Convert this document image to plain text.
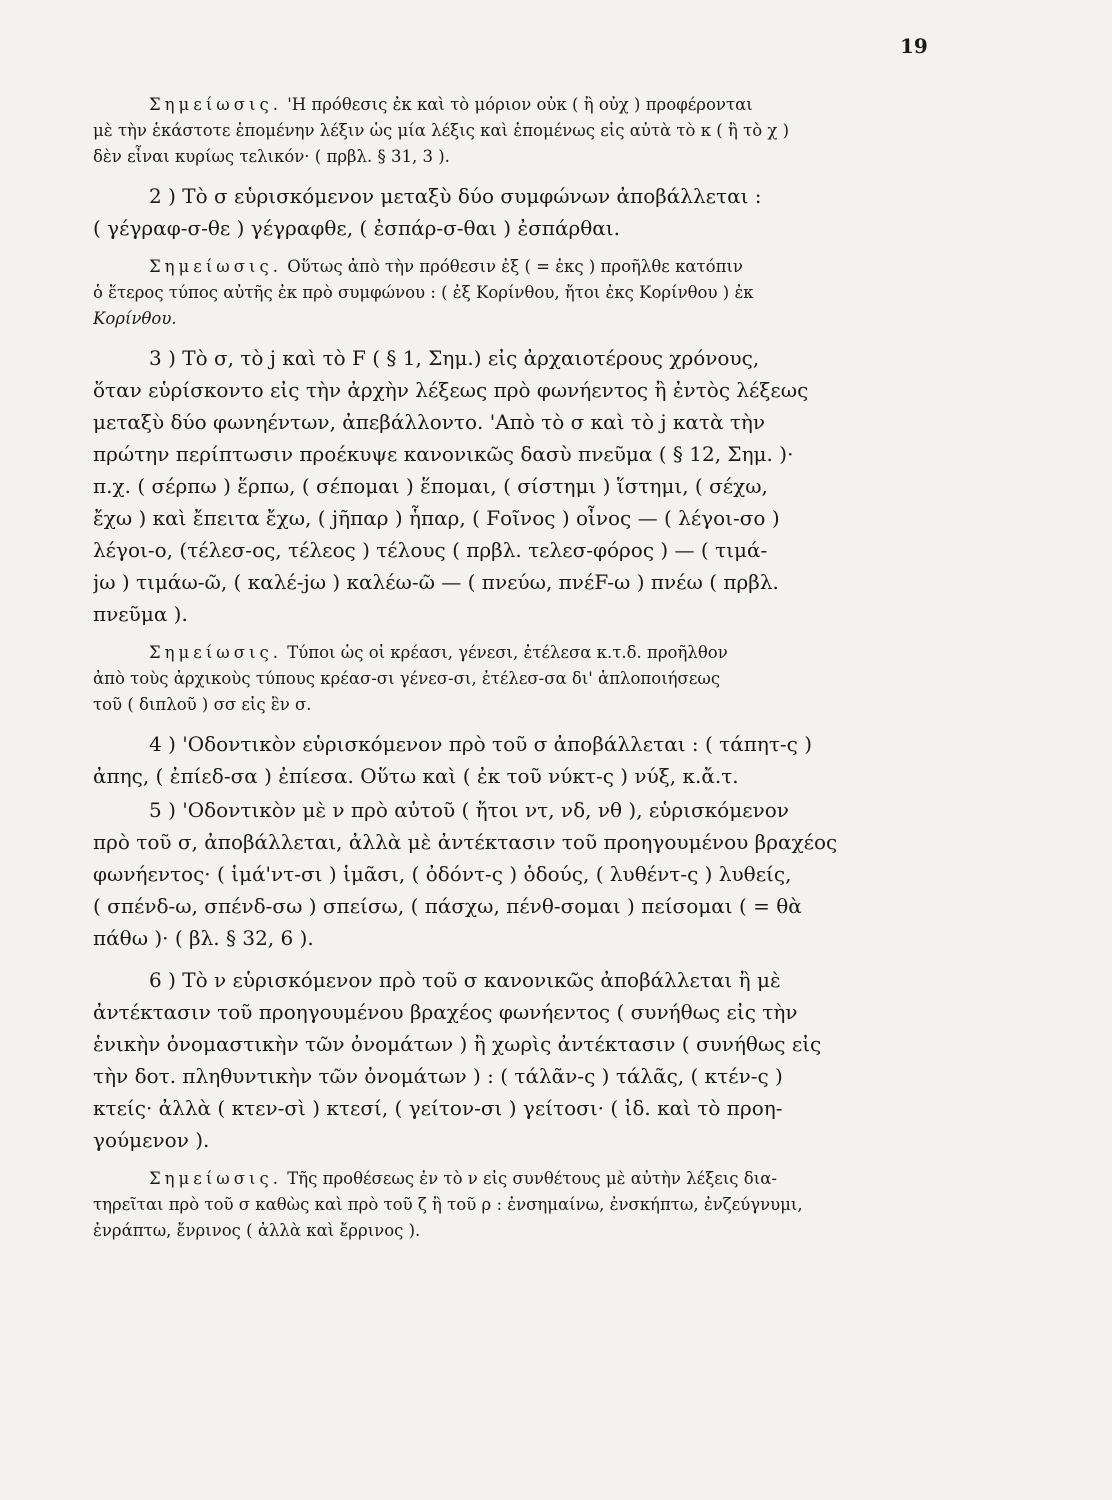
19
Σημείωσις. 'Η πρόθεσις ἐκ καὶ τὸ μόριον οὐκ ( ἢ οὐχ ) προφέρονται
μὲ τὴν ἑκάστοτε ἑπομένην λέξιν ὡς μία λέξις καὶ ἑπομένως εἰς αὐτὰ τὸ κ ( ἢ τὸ χ )
δὲν εἶναι κυρίως τελικόν· ( πρβλ. § 31, 3 ).
2 ) Τὸ σ εὑρισκόμενον μεταξὺ δύο συμφώνων ἀποβάλλεται :
( γέγραφ-σ-θε ) γέγραφθε, ( ἐσπάρ-σ-θαι ) ἐσπάρθαι.
Σημείωσις. Οὕτως ἀπὸ τὴν πρόθεσιν ἐξ ( = ἐκς ) προῆλθε κατόπιν
ὁ ἕτερος τύπος αὐτῆς ἐκ πρὸ συμφώνου : ( ἐξ Κορίνθου, ἤτοι ἐκς Κορίνθου ) ἐκ
Κορίνθου.
3 ) Τὸ σ, τὸ j καὶ τὸ F ( § 1, Σημ.) εἰς ἀρχαιοτέρους χρόνους,
ὅταν εὑρίσκοντο εἰς τὴν ἀρχὴν λέξεως πρὸ φωνήεντος ἢ ἐντὸς λέξεως
μεταξὺ δύο φωνηέντων, ἀπεβάλλοντο. 'Απὸ τὸ σ καὶ τὸ j κατὰ τὴν
πρώτην περίπτωσιν προέκυψε κανονικῶς δασὺ πνεῦμα ( § 12, Σημ. )·
π.χ. ( σέρπω ) ἕρπω, ( σέπομαι ) ἕπομαι, ( σίστημι ) ἵστημι, ( σέχω,
ἔχω ) καὶ ἔπειτα ἔχω, ( jῆπαρ ) ἧπαρ, ( Fοῖνος ) οἶνος — ( λέγοι-σο )
λέγοι-ο, (τέλεσ-ος, τέλεος ) τέλους ( πρβλ. τελεσ-φόρος ) — ( τιμά-
jω ) τιμάω-ῶ, ( καλέ-jω ) καλέω-ῶ — ( πνεύω, πνέF-ω ) πνέω ( πρβλ.
πνεῦμα ).
Σημείωσις. Τύποι ὡς οἱ κρέασι, γένεσι, ἐτέλεσα κ.τ.δ. προῆλθον
ἀπὸ τοὺς ἀρχικοὺς τύπους κρέασ-σι γένεσ-σι, ἐτέλεσ-σα δι' ἁπλοποιήσεως
τοῦ ( διπλοῦ ) σσ εἰς ἓν σ.
4 ) 'Οδοντικὸν εὑρισκόμενον πρὸ τοῦ σ ἀποβάλλεται : ( τάπητ-ς )
ἀπης, ( ἐπίεδ-σα ) ἐπίεσα. Οὕτω καὶ ( ἐκ τοῦ νύκτ-ς ) νύξ, κ.ἄ.τ.
5 ) 'Οδοντικὸν μὲ ν πρὸ αὐτοῦ ( ἤτοι ντ, νδ, νθ ), εὑρισκόμενον
πρὸ τοῦ σ, ἀποβάλλεται, ἀλλὰ μὲ ἀντέκτασιν τοῦ προηγουμένου βραχέος
φωνήεντος· ( ἱμά'ντ-σι ) ἱμᾶσι, ( ὀδόντ-ς ) ὀδούς, ( λυθέντ-ς ) λυθείς,
( σπένδ-ω, σπένδ-σω ) σπείσω, ( πάσχω, πένθ-σομαι ) πείσομαι ( = θὰ
πάθω )· ( βλ. § 32, 6 ).
6 ) Τὸ ν εὑρισκόμενον πρὸ τοῦ σ κανονικῶς ἀποβάλλεται ἢ μὲ
ἀντέκτασιν τοῦ προηγουμένου βραχέος φωνήεντος ( συνήθως εἰς τὴν
ἑνικὴν ὀνομαστικὴν τῶν ὀνομάτων ) ἢ χωρὶς ἀντέκτασιν ( συνήθως εἰς
τὴν δοτ. πληθυντικὴν τῶν ὀνομάτων ) : ( τάλᾶν-ς ) τάλᾶς, ( κτέν-ς )
κτείς· ἀλλὰ ( κτεν-σὶ ) κτεσί, ( γείτον-σι ) γείτοσι· ( ἰδ. καὶ τὸ προη-
γούμενον ).
Σημείωσις. Τῆς προθέσεως ἐν τὸ ν εἰς συνθέτους μὲ αὐτὴν λέξεις δια-
τηρεῖται πρὸ τοῦ σ καθὼς καὶ πρὸ τοῦ ζ ἢ τοῦ ρ : ἐνσημαίνω, ἐνσκήπτω, ἐνζεύγνυμι,
ἐνράπτω, ἔνρινος ( ἀλλὰ καὶ ἔρρινος ).
